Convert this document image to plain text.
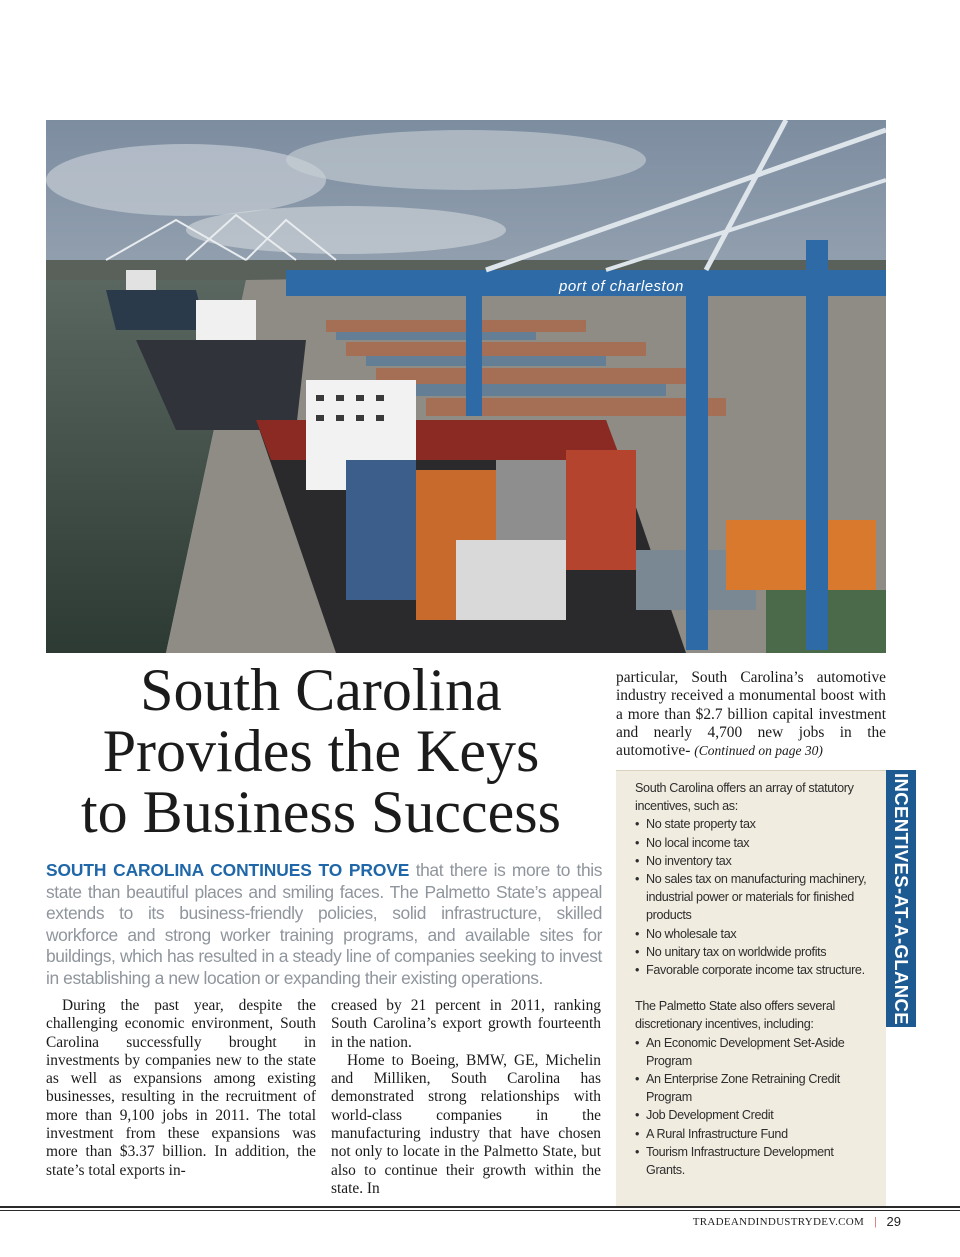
port of charleston
South Carolina
Provides the Keys
to Business Success

SOUTH CAROLINA CONTINUES TO PROVE that there is more to this state than beautiful places and smiling faces. The Palmetto State’s appeal extends to its business-friendly policies, solid infrastructure, skilled workforce and strong worker training programs, and available sites for buildings, which has resulted in a steady line of companies seeking to invest in establishing a new location or expanding their existing operations.

During the past year, despite the challenging economic environment, South Carolina successfully brought in investments by companies new to the state as well as expansions among existing businesses, resulting in the recruitment of more than 9,100 jobs in 2011. The total investment from these expansions was more than $3.37 billion. In addition, the state’s total exports in-

creased by 21 percent in 2011, ranking South Carolina’s export growth fourteenth in the nation.

Home to Boeing, BMW, GE, Michelin and Milliken, South Carolina has demonstrated strong relationships with world-class companies in the manufacturing industry that have chosen not only to locate in the Palmetto State, but also to continue their growth within the state. In

particular, South Carolina’s automotive industry received a monumental boost with a more than $2.7 billion capital investment and nearly 4,700 new jobs in the automotive- (Continued on page 30)

South Carolina offers an array of statutory incentives, such as:

• No state property tax
• No local income tax
• No inventory tax
• No sales tax on manufacturing machinery, industrial power or materials for finished products
• No wholesale tax
• No unitary tax on worldwide profits
• Favorable corporate income tax structure.

The Palmetto State also offers several discretionary incentives, including:

• An Economic Development Set-Aside Program
• An Enterprise Zone Retraining Credit Program
• Job Development Credit
• A Rural Infrastructure Fund
• Tourism Infrastructure Development Grants.
INCENTIVES-AT-A-GLANCE
TRADEANDINDUSTRYDEV.COM | 29
